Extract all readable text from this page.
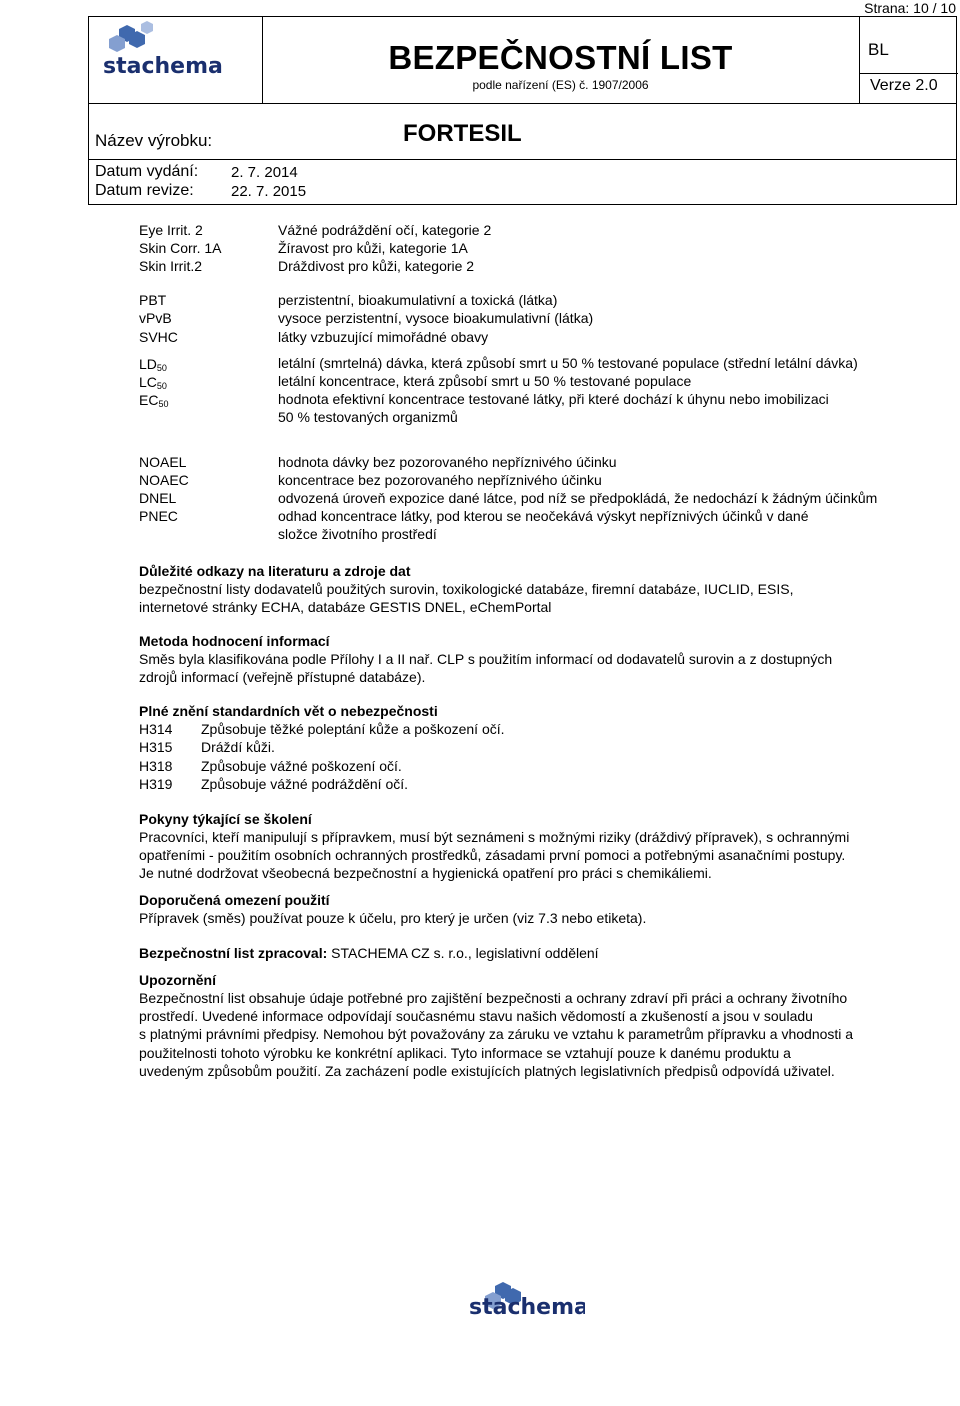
Strana: 10 / 10
stachema	BEZPEČNOSTNÍ LIST
podle nařízení (ES) č. 1907/2006
BL
Verze 2.0
Název výrobku:	FORTESIL
Datum vydání: 2. 7. 2014
Datum revize: 22. 7. 2015
Eye Irrit. 2	Vážné podráždění očí, kategorie 2
Skin Corr. 1A	Žíravost pro kůži, kategorie 1A
Skin Irrit.2	Dráždivost pro kůži, kategorie 2
PBT	perzistentní, bioakumulativní a toxická (látka)
vPvB	vysoce perzistentní, vysoce bioakumulativní (látka)
SVHC	látky vzbuzující mimořádné obavy
$LD_{50}$	letální (smrtelná) dávka, která způsobí smrt u 50 % testované populace (střední letální dávka)
$LC_{50}$	letální koncentrace, která způsobí smrt u 50 % testované populace
$EC_{50}$	hodnota efektivní koncentrace testované látky, při které dochází k úhynu nebo imobilizaci
50 % testovaných organizmů
NOAEL	hodnota dávky bez pozorovaného nepříznivého účinku
NOAEC	koncentrace bez pozorovaného nepříznivého účinku
DNEL	odvozená úroveň expozice dané látce, pod níž se předpokládá, že nedochází k žádným účinkům
PNEC	odhad koncentrace látky, pod kterou se neočekává výskyt nepříznivých účinků v dané
složce životního prostředí
Důležité odkazy na literaturu a zdroje dat
bezpečnostní listy dodavatelů použitých surovin, toxikologické databáze, firemní databáze, IUCLID, ESIS,
internetové stránky ECHA, databáze GESTIS DNEL, eChemPortal
Metoda hodnocení informací
Směs byla klasifikována podle Přílohy I a II nař. CLP s použitím informací od dodavatelů surovin a z dostupných
zdrojů informací (veřejně přístupné databáze).
Plné znění standardních vět o nebezpečnosti
H314 Způsobuje těžké poleptání kůže a poškození očí.
H315 Dráždí kůži.
H318 Způsobuje vážné poškození očí.
H319 Způsobuje vážné podráždění očí.
Pokyny týkající se školení
Pracovníci, kteří manipulují s přípravkem, musí být seznámeni s možnými riziky (dráždivý přípravek), s ochrannými
opatřeními - použitím osobních ochranných prostředků, zásadami první pomoci a potřebnými asanačními postupy.
Je nutné dodržovat všeobecná bezpečnostní a hygienická opatření pro práci s chemikáliemi.
Doporučená omezení použití
Přípravek (směs) používat pouze k účelu, pro který je určen (viz 7.3 nebo etiketa).
Bezpečnostní list zpracoval: STACHEMA CZ s. r.o., legislativní oddělení
Upozornění
Bezpečnostní list obsahuje údaje potřebné pro zajištění bezpečnosti a ochrany zdraví při práci a ochrany životního
prostředí. Uvedené informace odpovídají současnému stavu našich vědomostí a zkušeností a jsou v souladu
s platnými právními předpisy. Nemohou být považovány za záruku ve vztahu k parametrům přípravku a vhodnosti a
použitelnosti tohoto výrobku ke konkrétní aplikaci. Tyto informace se vztahují pouze k danému produktu a
uvedeným způsobům použití. Za zacházení podle existujících platných legislativních předpisů odpovídá uživatel.
stachema
